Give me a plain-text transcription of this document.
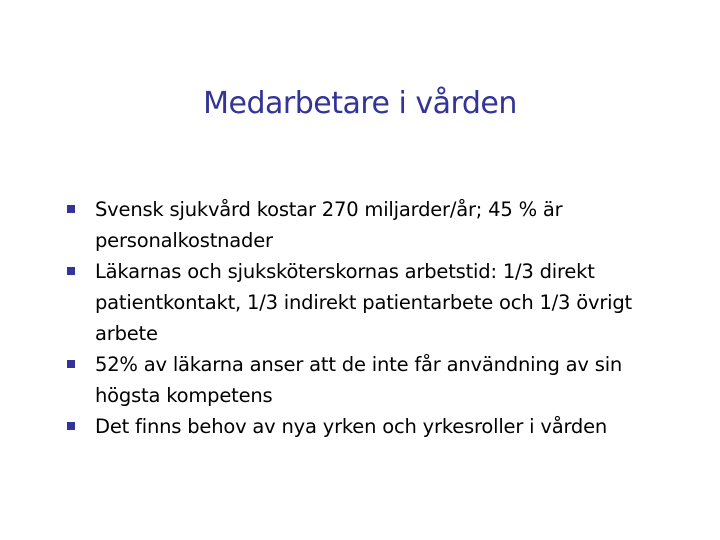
Medarbetare i vården
Svensk sjukvård kostar 270 miljarder/år; 45 % är personalkostnader
Läkarnas och sjuksköterskornas arbetstid: 1/3 direkt patientkontakt, 1/3 indirekt patientarbete och 1/3 övrigt arbete
52% av läkarna anser att de inte får användning av sin högsta kompetens
Det finns behov av nya yrken och yrkesroller i vården
